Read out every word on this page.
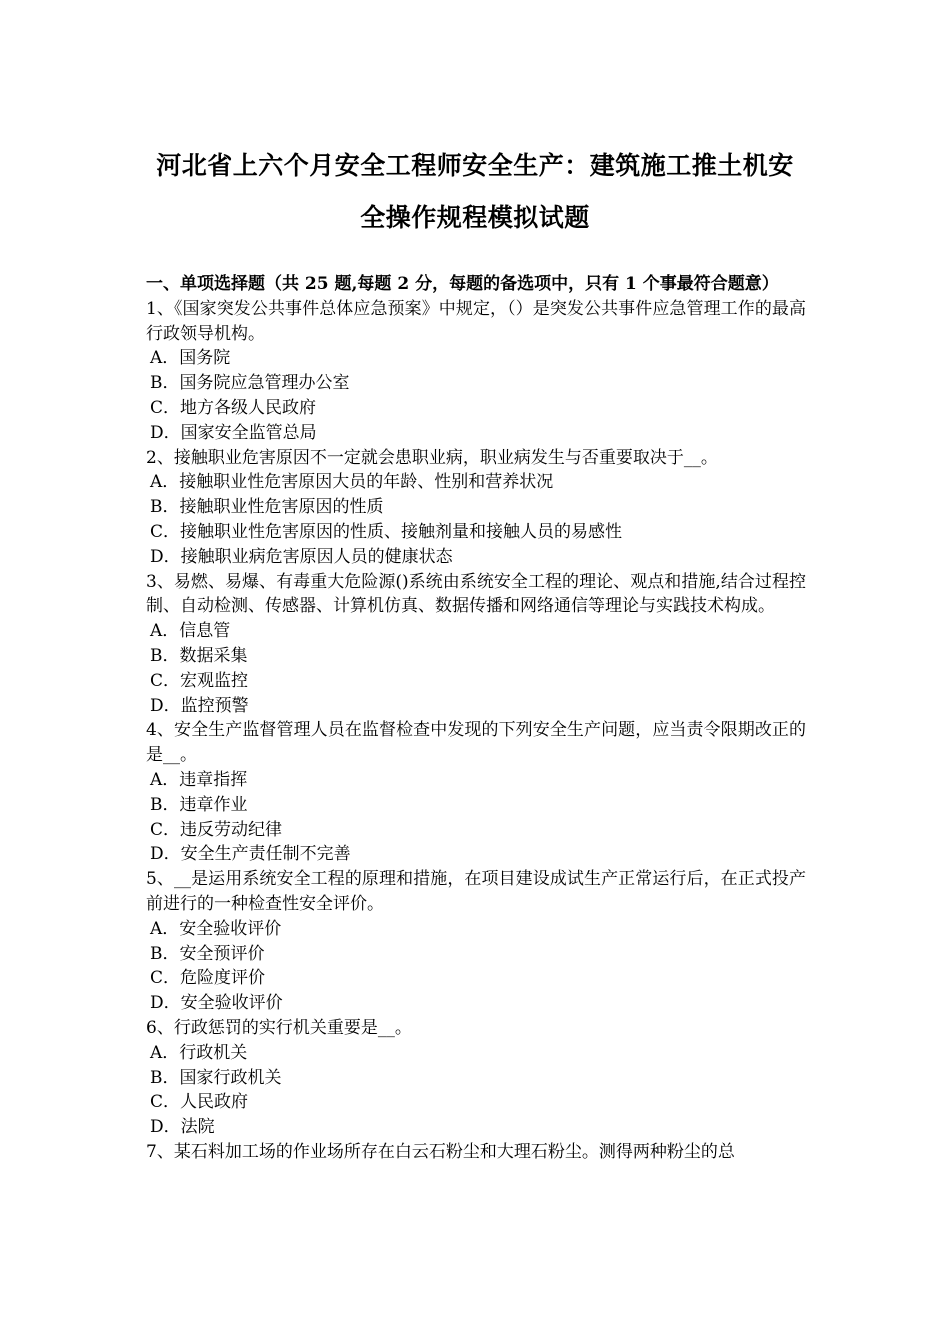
河北省上六个月安全工程师安全生产：建筑施工推土机安全操作规程模拟试题
一、单项选择题（共 25 题,每题 2 分，每题的备选项中，只有 1 个事最符合题意）
1、《国家突发公共事件总体应急预案》中规定，（）是突发公共事件应急管理工作的最高行政领导机构。
A．国务院
B．国务院应急管理办公室
C．地方各级人民政府
D．国家安全监管总局
2、接触职业危害原因不一定就会患职业病，职业病发生与否重要取决于__。
A．接触职业性危害原因大员的年龄、性别和营养状况
B．接触职业性危害原因的性质
C．接触职业性危害原因的性质、接触剂量和接触人员的易感性
D．接触职业病危害原因人员的健康状态
3、易燃、易爆、有毒重大危险源()系统由系统安全工程的理论、观点和措施,结合过程控制、自动检测、传感器、计算机仿真、数据传播和网络通信等理论与实践技术构成。
A．信息管
B．数据采集
C．宏观监控
D．监控预警
4、安全生产监督管理人员在监督检查中发现的下列安全生产问题，应当责令限期改正的是__。
A．违章指挥
B．违章作业
C．违反劳动纪律
D．安全生产责任制不完善
5、__是运用系统安全工程的原理和措施，在项目建设成试生产正常运行后，在正式投产前进行的一种检查性安全评价。
A．安全验收评价
B．安全预评价
C．危险度评价
D．安全验收评价
6、行政惩罚的实行机关重要是__。
A．行政机关
B．国家行政机关
C．人民政府
D．法院
7、某石料加工场的作业场所存在白云石粉尘和大理石粉尘。测得两种粉尘的总
